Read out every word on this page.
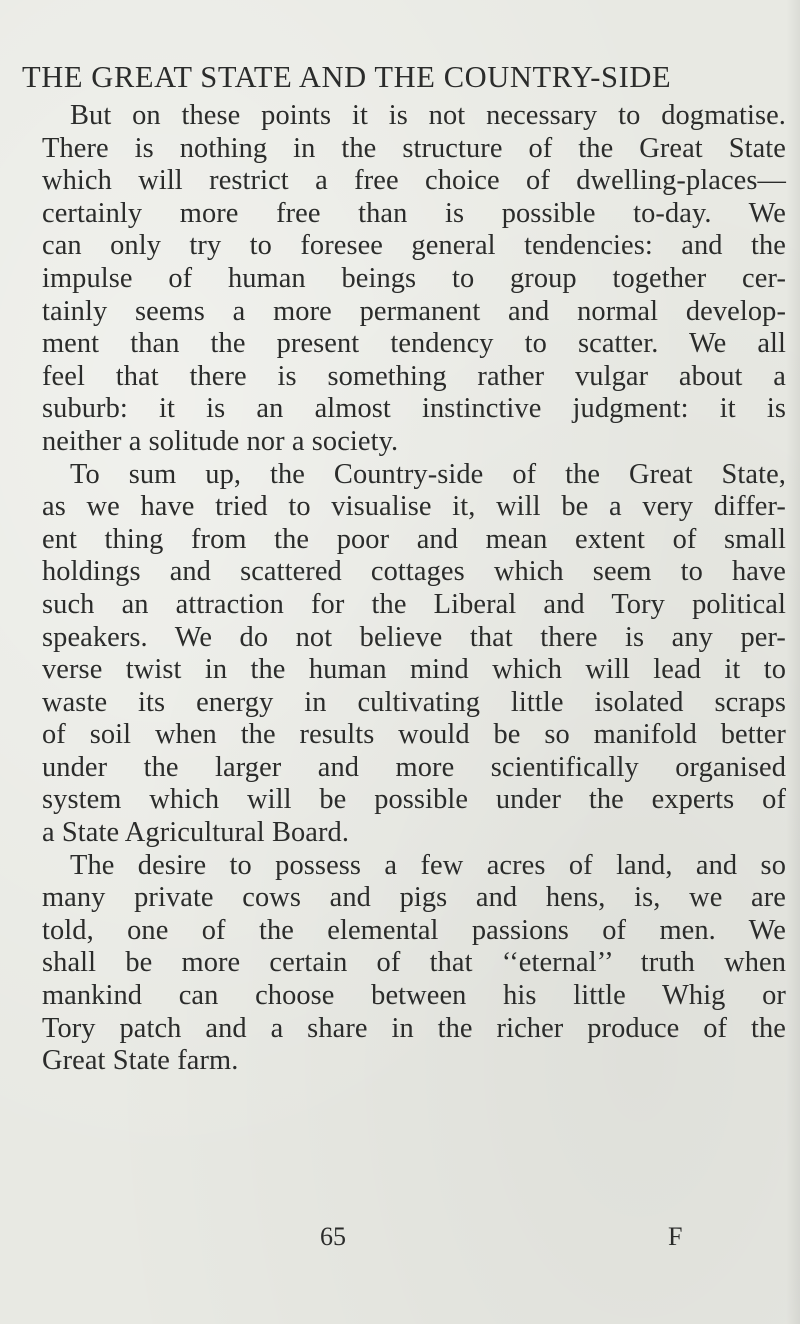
THE GREAT STATE AND THE COUNTRY-SIDE
But on these points it is not necessary to dogmatise.
There is nothing in the structure of the Great State
which will restrict a free choice of dwelling-places—
certainly more free than is possible to-day. We
can only try to foresee general tendencies: and the
impulse of human beings to group together cer-
tainly seems a more permanent and normal develop-
ment than the present tendency to scatter. We all
feel that there is something rather vulgar about a
suburb: it is an almost instinctive judgment: it is
neither a solitude nor a society.
To sum up, the Country-side of the Great State,
as we have tried to visualise it, will be a very differ-
ent thing from the poor and mean extent of small
holdings and scattered cottages which seem to have
such an attraction for the Liberal and Tory political
speakers. We do not believe that there is any per-
verse twist in the human mind which will lead it to
waste its energy in cultivating little isolated scraps
of soil when the results would be so manifold better
under the larger and more scientifically organised
system which will be possible under the experts of
a State Agricultural Board.
The desire to possess a few acres of land, and so
many private cows and pigs and hens, is, we are
told, one of the elemental passions of men. We
shall be more certain of that ‘‘eternal’’ truth when
mankind can choose between his little Whig or
Tory patch and a share in the richer produce of the
Great State farm.
65	F
